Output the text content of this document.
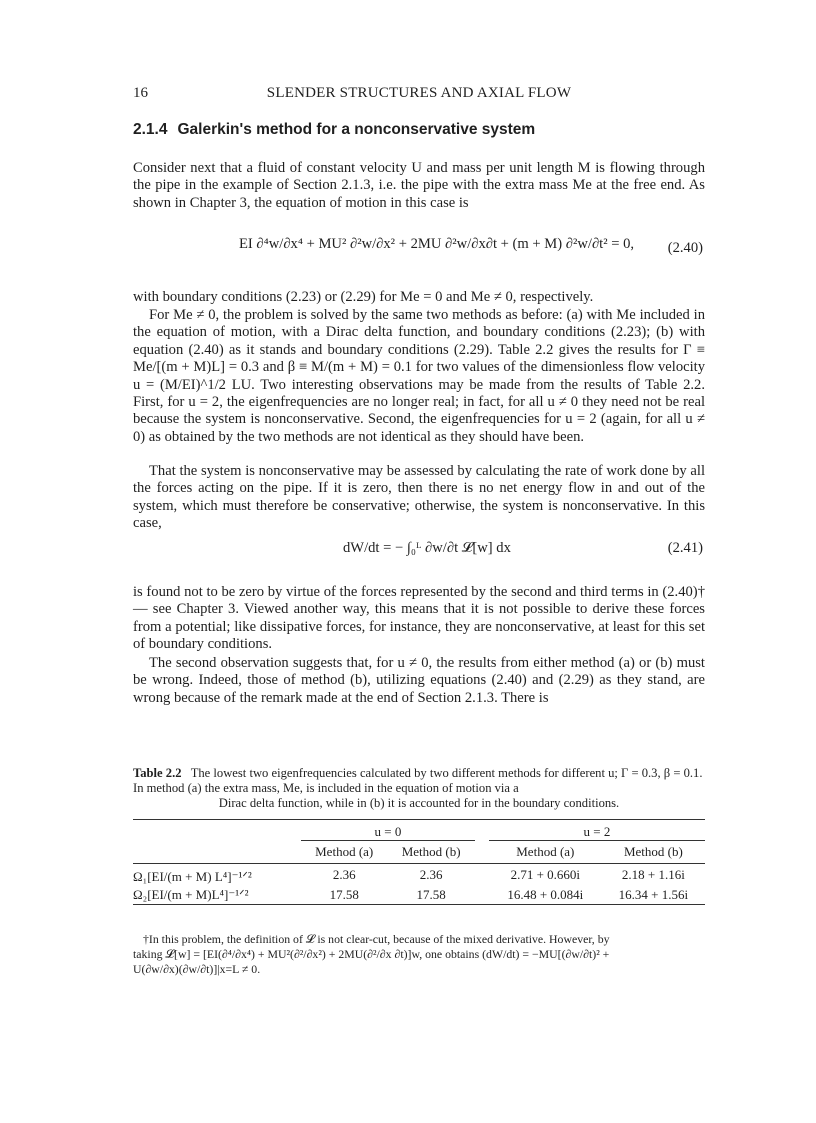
16	SLENDER STRUCTURES AND AXIAL FLOW
2.1.4 Galerkin's method for a nonconservative system

Consider next that a fluid of constant velocity U and mass per unit length M is flowing through the pipe in the example of Section 2.1.3, i.e. the pipe with the extra mass Me at the free end. As shown in Chapter 3, the equation of motion in this case is

EI ∂⁴w/∂x⁴ + MU² ∂²w/∂x² + 2MU ∂²w/∂x∂t + (m + M) ∂²w/∂t² = 0, (2.40)

with boundary conditions (2.23) or (2.29) for Me = 0 and Me ≠ 0, respectively.

For Me ≠ 0, the problem is solved by the same two methods as before: (a) with Me included in the equation of motion, with a Dirac delta function, and boundary conditions (2.23); (b) with equation (2.40) as it stands and boundary conditions (2.29). Table 2.2 gives the results for Γ ≡ Me/[(m + M)L] = 0.3 and β ≡ M/(m + M) = 0.1 for two values of the dimensionless flow velocity u = (M/EI)^1/2 LU. Two interesting observations may be made from the results of Table 2.2. First, for u = 2, the eigenfrequencies are no longer real; in fact, for all u ≠ 0 they need not be real because the system is nonconservative. Second, the eigenfrequencies for u = 2 (again, for all u ≠ 0) as obtained by the two methods are not identical as they should have been.

That the system is nonconservative may be assessed by calculating the rate of work done by all the forces acting on the pipe. If it is zero, then there is no net energy flow in and out of the system, which must therefore be conservative; otherwise, the system is nonconservative. In this case,

dW/dt = − ∫₀ᴸ ∂w/∂t 𝓛[w] dx	(2.41)

is found not to be zero by virtue of the forces represented by the second and third terms in (2.40)† — see Chapter 3. Viewed another way, this means that it is not possible to derive these forces from a potential; like dissipative forces, for instance, they are nonconservative, at least for this set of boundary conditions.

The second observation suggests that, for u ≠ 0, the results from either method (a) or (b) must be wrong. Indeed, those of method (b), utilizing equations (2.40) and (2.29) as they stand, are wrong because of the remark made at the end of Section 2.1.3. There is

Table 2.2 The lowest two eigenfrequencies calculated by two different methods for different u; Γ = 0.3, β = 0.1. In method (a) the extra mass, Me, is included in the equation of motion via a
Dirac delta function, while in (b) it is accounted for in the boundary conditions.
	u = 0			u = 2	
	Method (a)	Method (b)		Method (a)	Method (b)
Ω₁[EI/(m + M) L⁴]⁻¹ᐟ²	2.36	2.36		2.71 + 0.660i	2.18 + 1.16i
Ω₂[EI/(m + M)L⁴]⁻¹ᐟ²	17.58	17.58		16.48 + 0.084i	16.34 + 1.56i
†In this problem, the definition of 𝓛 is not clear-cut, because of the mixed derivative. However, by
taking 𝓛[w] = [EI(∂⁴/∂x⁴) + MU²(∂²/∂x²) + 2MU(∂²/∂x ∂t)]w, one obtains (dW/dt) = −MU[(∂w/∂t)² +
U(∂w/∂x)(∂w/∂t)]|x=L ≠ 0.
